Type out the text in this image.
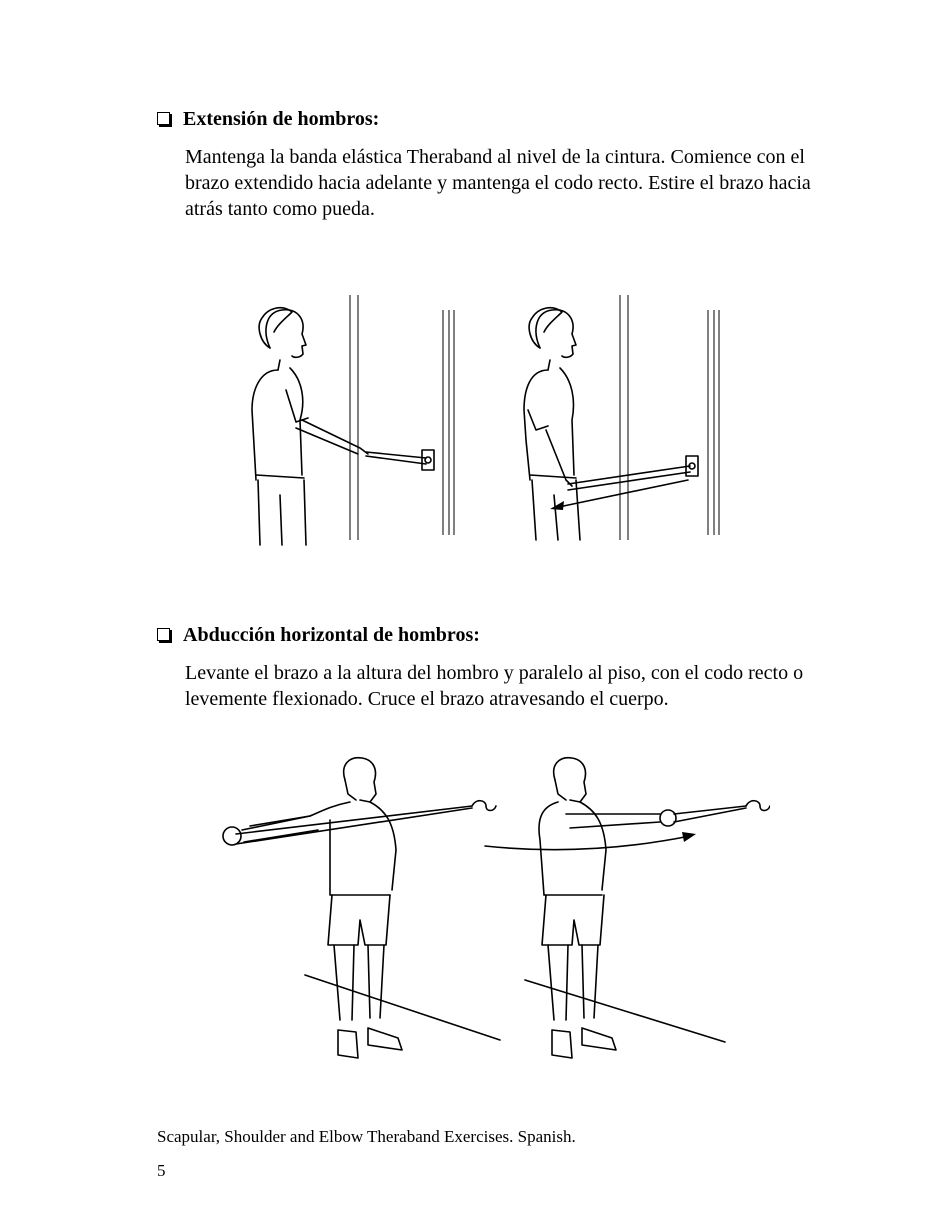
Extensión de hombros:
Mantenga la banda elástica Theraband al nivel de la cintura. Comience con el brazo extendido hacia adelante y mantenga el codo recto. Estire el brazo hacia atrás tanto como pueda.
Abducción horizontal de hombros:
Levante el brazo a la altura del hombro y paralelo al piso, con el codo recto o levemente flexionado. Cruce el brazo atravesando el cuerpo.
Scapular, Shoulder and Elbow Theraband Exercises. Spanish.
5
